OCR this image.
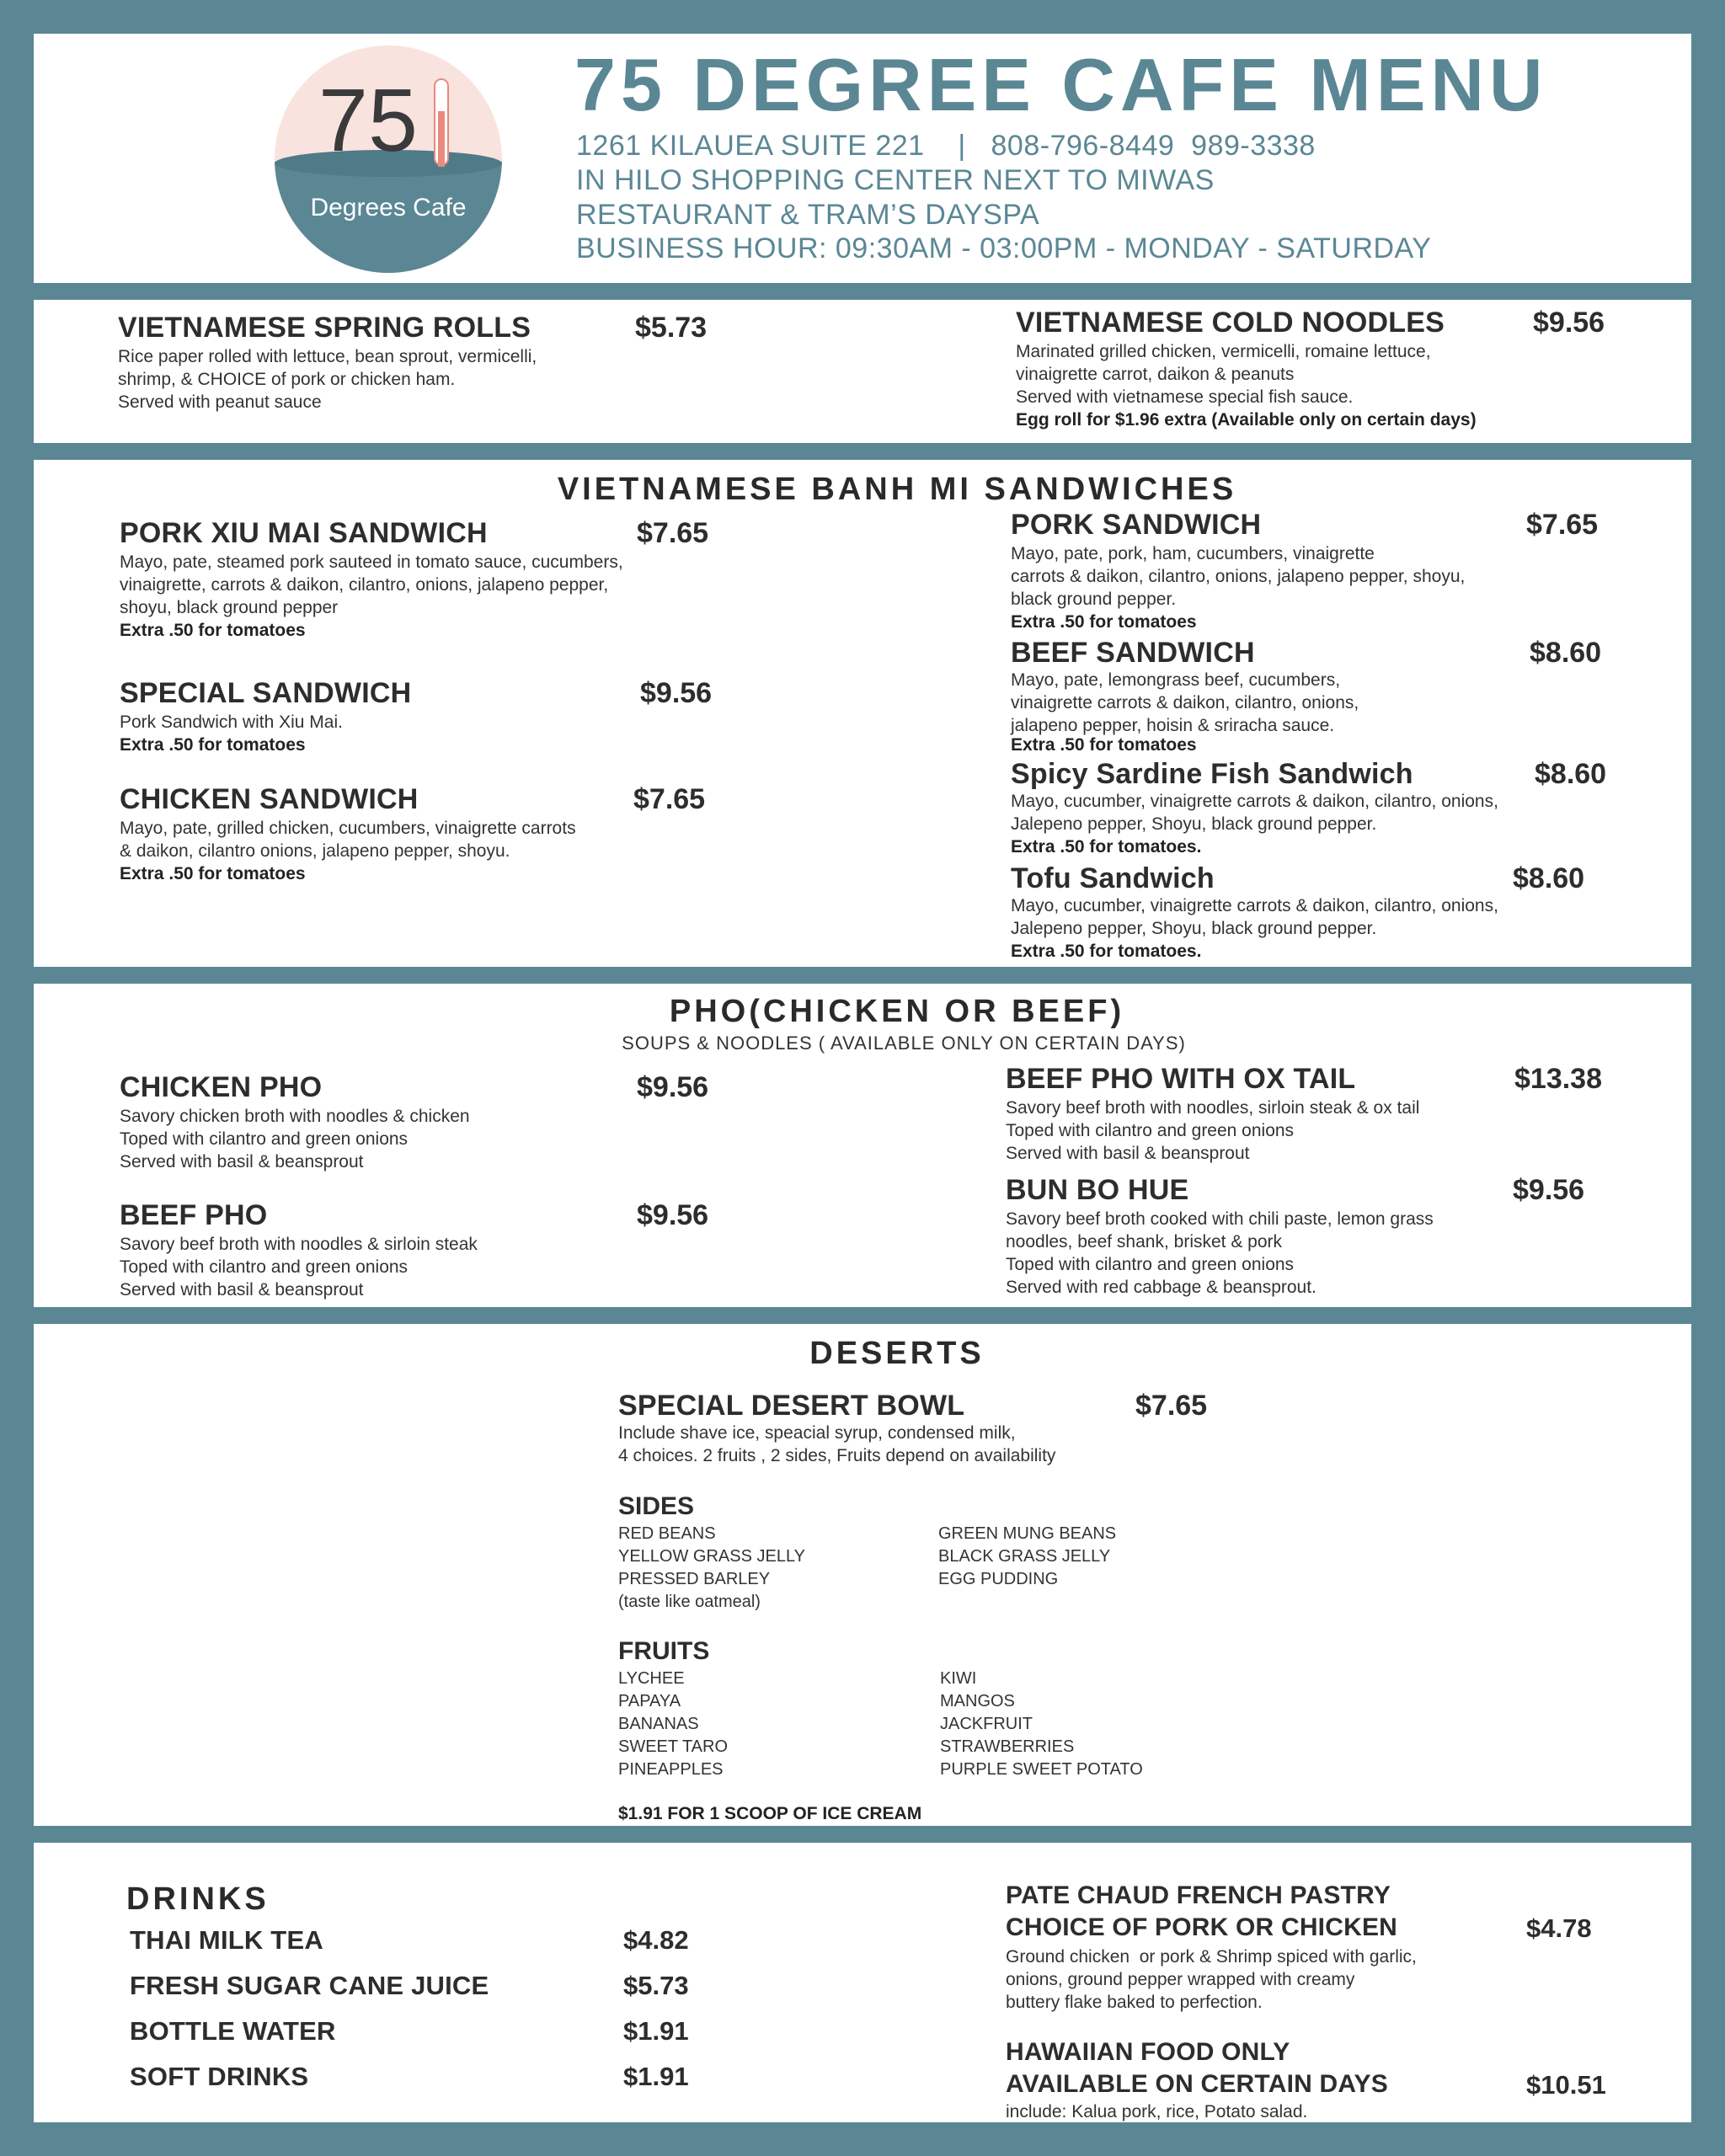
75
Degrees Cafe
75 DEGREE CAFE MENU
1261 KILAUEA SUITE 221    |   808-796-8449  989-3338
IN HILO SHOPPING CENTER NEXT TO MIWAS
RESTAURANT & TRAM’S DAYSPA
BUSINESS HOUR: 09:30AM - 03:00PM - MONDAY - SATURDAY
VIETNAMESE SPRING ROLLS	$5.73
Rice paper rolled with lettuce, bean sprout, vermicelli,
shrimp, & CHOICE of pork or chicken ham.
Served with peanut sauce
VIETNAMESE COLD NOODLES	$9.56
Marinated grilled chicken, vermicelli, romaine lettuce,
vinaigrette carrot, daikon & peanuts
Served with vietnamese special fish sauce.
Egg roll for $1.96 extra (Available only on certain days)
VIETNAMESE BANH MI SANDWICHES
PORK XIU MAI SANDWICH	$7.65
Mayo, pate, steamed pork sauteed in tomato sauce, cucumbers,
vinaigrette, carrots & daikon, cilantro, onions, jalapeno pepper,
shoyu, black ground pepper
Extra .50 for tomatoes
SPECIAL SANDWICH	$9.56
Pork Sandwich with Xiu Mai.
Extra .50 for tomatoes
CHICKEN SANDWICH	$7.65
Mayo, pate, grilled chicken, cucumbers, vinaigrette carrots
& daikon, cilantro onions, jalapeno pepper, shoyu.
Extra .50 for tomatoes
PORK SANDWICH	$7.65
Mayo, pate, pork, ham, cucumbers, vinaigrette
carrots & daikon, cilantro, onions, jalapeno pepper, shoyu,
black ground pepper.
Extra .50 for tomatoes
BEEF SANDWICH	$8.60
Mayo, pate, lemongrass beef, cucumbers,
vinaigrette carrots & daikon, cilantro, onions,
jalapeno pepper, hoisin & sriracha sauce.
Extra .50 for tomatoes
Spicy Sardine Fish Sandwich	$8.60
Mayo, cucumber, vinaigrette carrots & daikon, cilantro, onions,
Jalepeno pepper, Shoyu, black ground pepper.
Extra .50 for tomatoes.
Tofu Sandwich	$8.60
Mayo, cucumber, vinaigrette carrots & daikon, cilantro, onions,
Jalepeno pepper, Shoyu, black ground pepper.
Extra .50 for tomatoes.
PHO(CHICKEN OR BEEF)
SOUPS & NOODLES ( AVAILABLE ONLY ON CERTAIN DAYS)
CHICKEN PHO	$9.56
Savory chicken broth with noodles & chicken
Toped with cilantro and green onions
Served with basil & beansprout
BEEF PHO	$9.56
Savory beef broth with noodles & sirloin steak
Toped with cilantro and green onions
Served with basil & beansprout
BEEF PHO WITH OX TAIL	$13.38
Savory beef broth with noodles, sirloin steak & ox tail
Toped with cilantro and green onions
Served with basil & beansprout
BUN BO HUE	$9.56
Savory beef broth cooked with chili paste, lemon grass
noodles, beef shank, brisket & pork
Toped with cilantro and green onions
Served with red cabbage & beansprout.
DESERTS
SPECIAL DESERT BOWL	$7.65
Include shave ice, speacial syrup, condensed milk,
4 choices. 2 fruits , 2 sides, Fruits depend on availability
SIDES
RED BEANS
YELLOW GRASS JELLY
PRESSED BARLEY
(taste like oatmeal)
GREEN MUNG BEANS
BLACK GRASS JELLY
EGG PUDDING
FRUITS
LYCHEE
PAPAYA
BANANAS
SWEET TARO
PINEAPPLES
KIWI
MANGOS
JACKFRUIT
STRAWBERRIES
PURPLE SWEET POTATO
$1.91 FOR 1 SCOOP OF ICE CREAM
DRINKS
THAI MILK TEA	$4.82
FRESH SUGAR CANE JUICE	$5.73
BOTTLE WATER	$1.91
SOFT DRINKS	$1.91
PATE CHAUD FRENCH PASTRY
CHOICE OF PORK OR CHICKEN	$4.78
Ground chicken  or pork & Shrimp spiced with garlic,
onions, ground pepper wrapped with creamy
buttery flake baked to perfection.
HAWAIIAN FOOD ONLY
AVAILABLE ON CERTAIN DAYS	$10.51
include: Kalua pork, rice, Potato salad.
